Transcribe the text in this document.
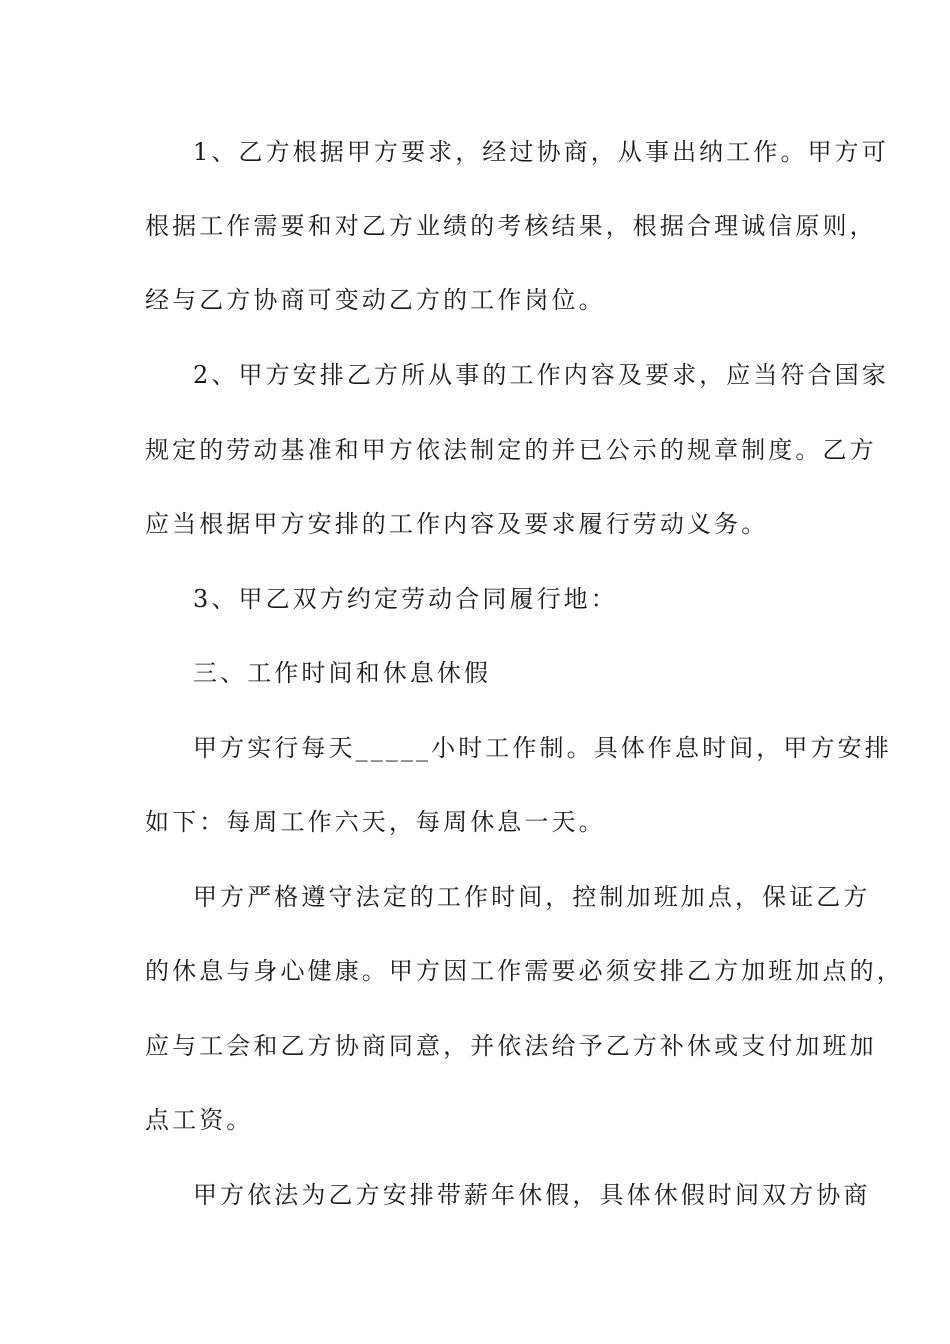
1、乙方根据甲方要求，经过协商，从事出纳工作。甲方可
根据工作需要和对乙方业绩的考核结果，根据合理诚信原则，
经与乙方协商可变动乙方的工作岗位。
2、甲方安排乙方所从事的工作内容及要求，应当符合国家
规定的劳动基准和甲方依法制定的并已公示的规章制度。乙方
应当根据甲方安排的工作内容及要求履行劳动义务。
3、甲乙双方约定劳动合同履行地：
三、工作时间和休息休假
甲方实行每天_____小时工作制。具体作息时间，甲方安排
如下：每周工作六天，每周休息一天。
甲方严格遵守法定的工作时间，控制加班加点，保证乙方
的休息与身心健康。甲方因工作需要必须安排乙方加班加点的，
应与工会和乙方协商同意，并依法给予乙方补休或支付加班加
点工资。
甲方依法为乙方安排带薪年休假，具体休假时间双方协商
